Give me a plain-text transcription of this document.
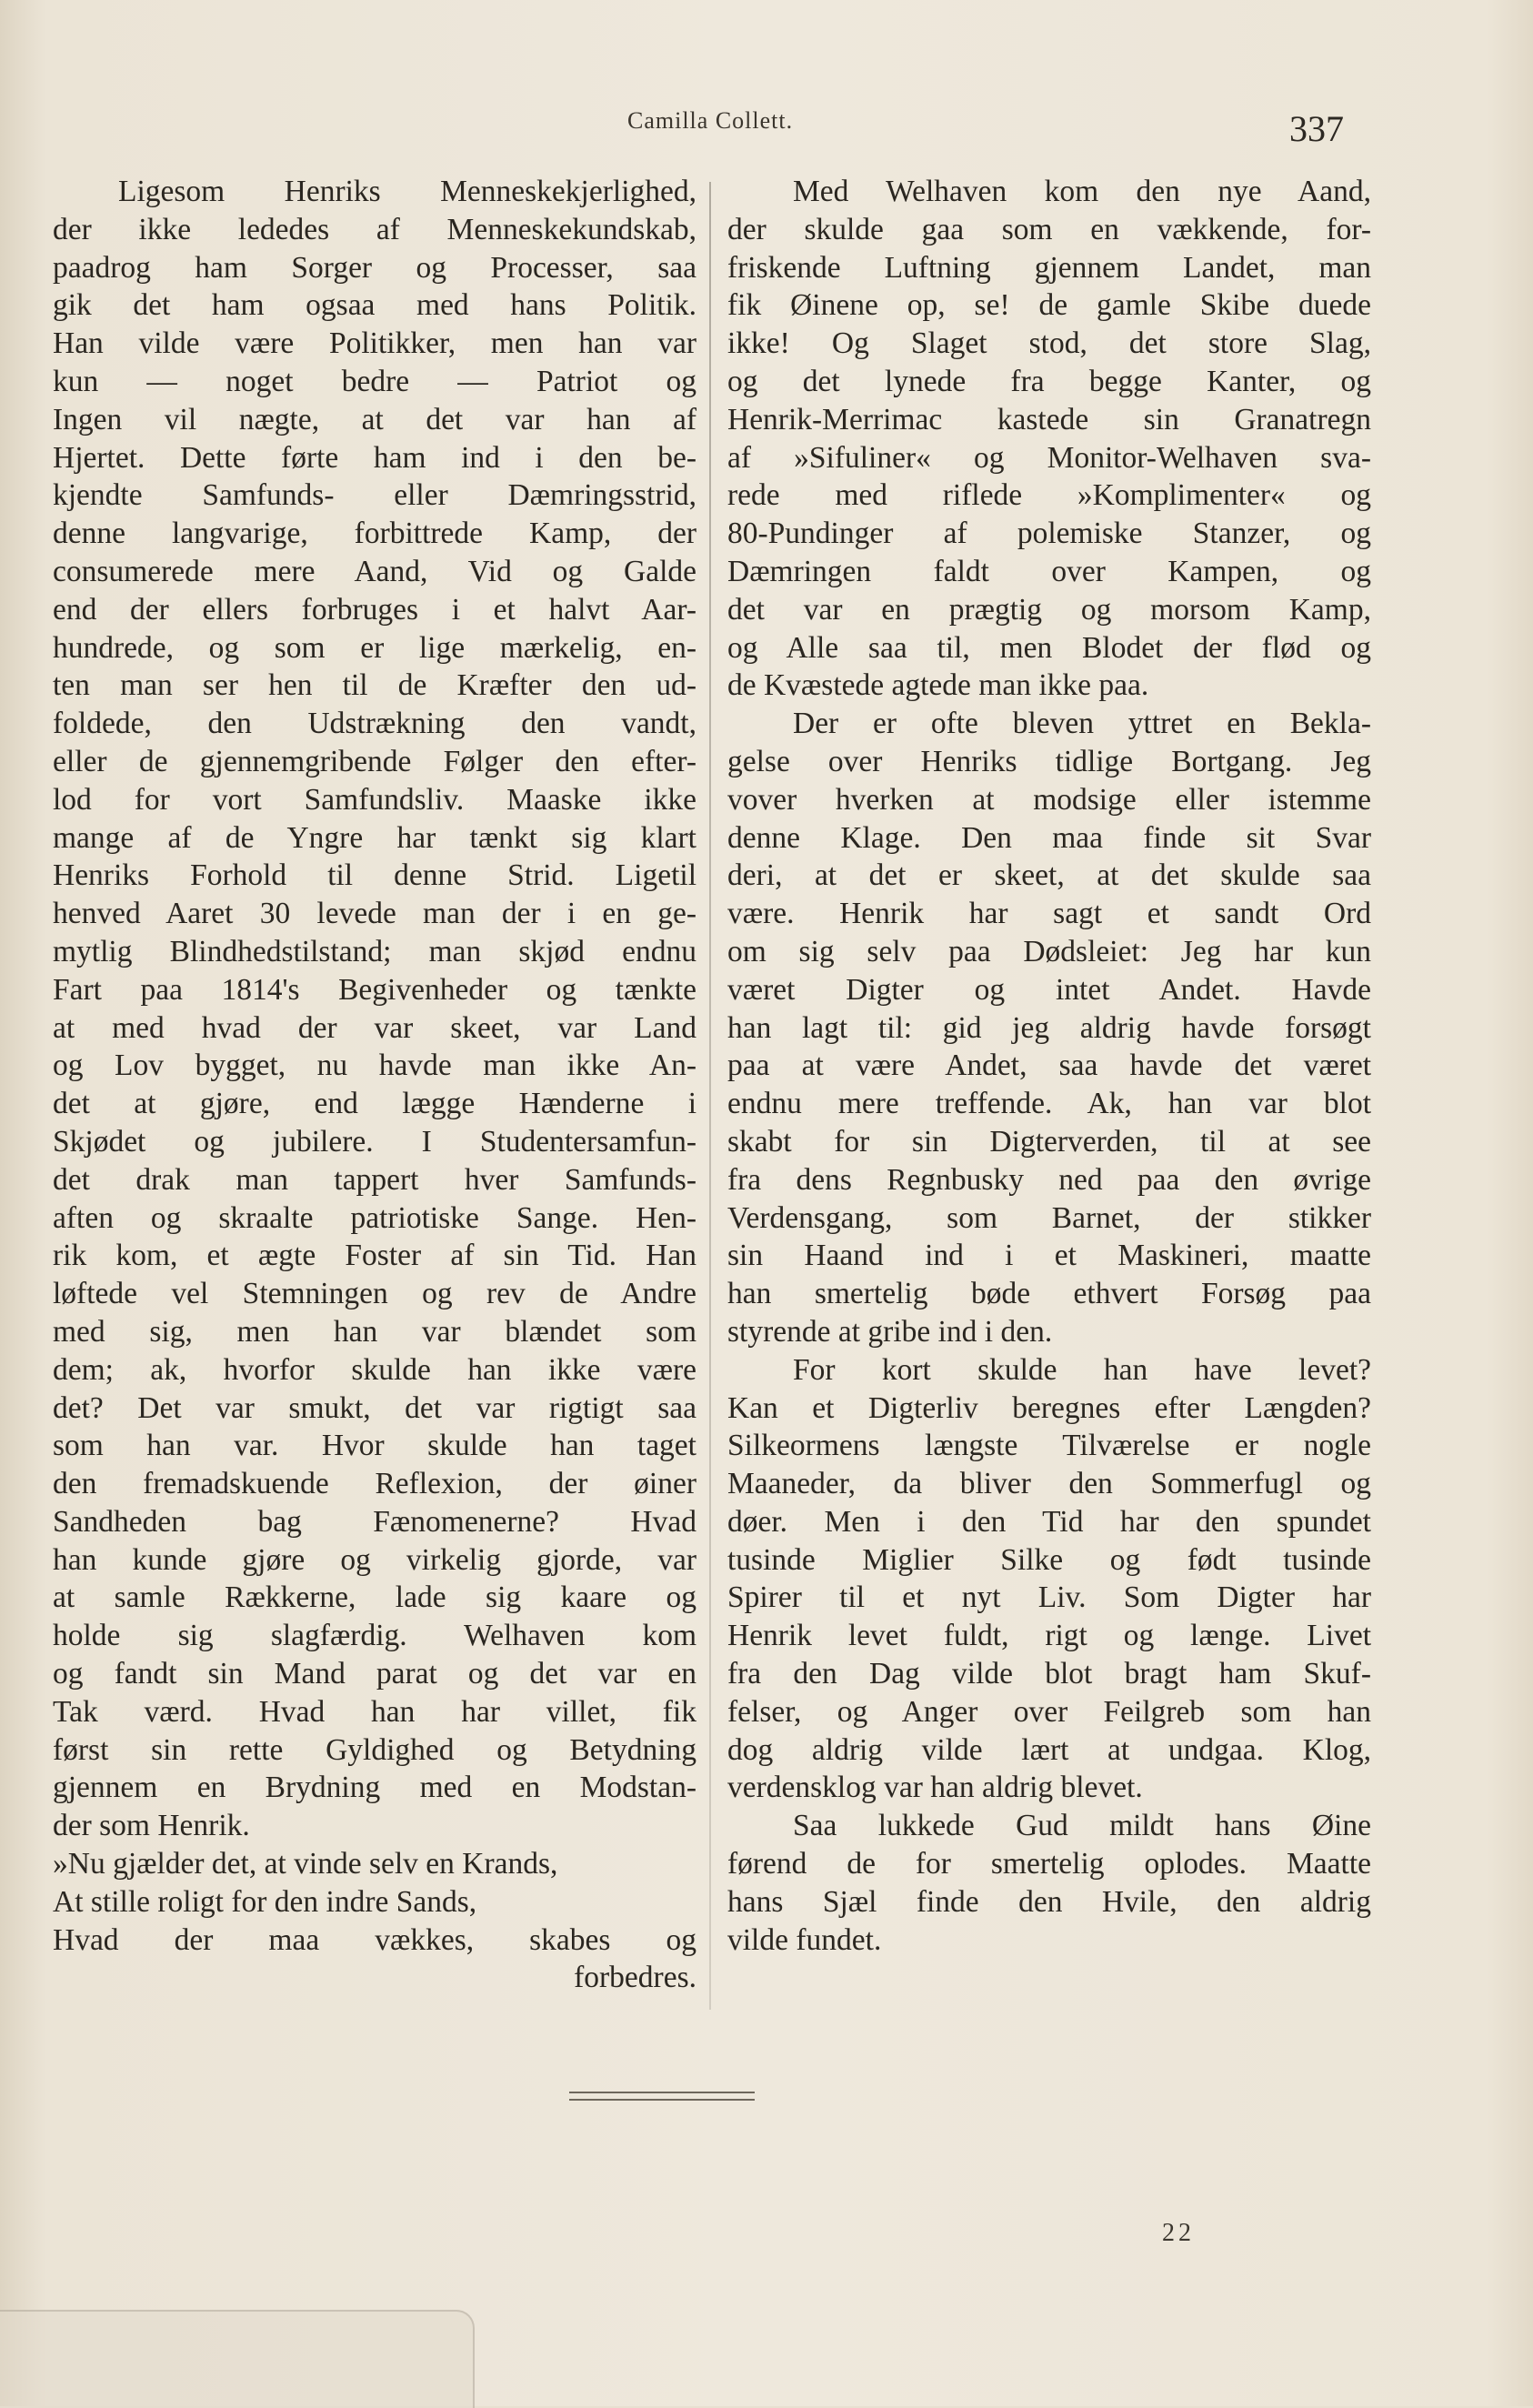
Camilla Collett.	337
Ligesom Henriks Menneskekjerlighed,
der ikke lededes af Menneskekundskab,
paadrog ham Sorger og Processer, saa
gik det ham ogsaa med hans Politik.
Han vilde være Politikker, men han var
kun — noget bedre — Patriot og
Ingen vil nægte, at det var han af
Hjertet. Dette førte ham ind i den be-
kjendte Samfunds- eller Dæmringsstrid,
denne langvarige, forbittrede Kamp, der
consumerede mere Aand, Vid og Galde
end der ellers forbruges i et halvt Aar-
hundrede, og som er lige mærkelig, en-
ten man ser hen til de Kræfter den ud-
foldede, den Udstrækning den vandt,
eller de gjennemgribende Følger den efter-
lod for vort Samfundsliv. Maaske ikke
mange af de Yngre har tænkt sig klart
Henriks Forhold til denne Strid. Ligetil
henved Aaret 30 levede man der i en ge-
mytlig Blindhedstilstand; man skjød endnu
Fart paa 1814's Begivenheder og tænkte
at med hvad der var skeet, var Land
og Lov bygget, nu havde man ikke An-
det at gjøre, end lægge Hænderne i
Skjødet og jubilere. I Studentersamfun-
det drak man tappert hver Samfunds-
aften og skraalte patriotiske Sange. Hen-
rik kom, et ægte Foster af sin Tid. Han
løftede vel Stemningen og rev de Andre
med sig, men han var blændet som
dem; ak, hvorfor skulde han ikke være
det? Det var smukt, det var rigtigt saa
som han var. Hvor skulde han taget
den fremadskuende Reflexion, der øiner
Sandheden bag Fænomenerne? Hvad
han kunde gjøre og virkelig gjorde, var
at samle Rækkerne, lade sig kaare og
holde sig slagfærdig. Welhaven kom
og fandt sin Mand parat og det var en
Tak værd. Hvad han har villet, fik
først sin rette Gyldighed og Betydning
gjennem en Brydning med en Modstan-
der som Henrik.
»Nu gjælder det, at vinde selv en Krands,
At stille roligt for den indre Sands,
Hvad der maa vækkes, skabes og
forbedres.
Med Welhaven kom den nye Aand,
der skulde gaa som en vækkende, for-
friskende Luftning gjennem Landet, man
fik Øinene op, se! de gamle Skibe duede
ikke! Og Slaget stod, det store Slag,
og det lynede fra begge Kanter, og
Henrik-Merrimac kastede sin Granatregn
af »Sifuliner« og Monitor-Welhaven sva-
rede med riflede »Komplimenter« og
80-Pundinger af polemiske Stanzer, og
Dæmringen faldt over Kampen, og
det var en prægtig og morsom Kamp,
og Alle saa til, men Blodet der flød og
de Kvæstede agtede man ikke paa.
Der er ofte bleven yttret en Bekla-
gelse over Henriks tidlige Bortgang. Jeg
vover hverken at modsige eller istemme
denne Klage. Den maa finde sit Svar
deri, at det er skeet, at det skulde saa
være. Henrik har sagt et sandt Ord
om sig selv paa Dødsleiet: Jeg har kun
været Digter og intet Andet. Havde
han lagt til: gid jeg aldrig havde forsøgt
paa at være Andet, saa havde det været
endnu mere treffende. Ak, han var blot
skabt for sin Digterverden, til at see
fra dens Regnbusky ned paa den øvrige
Verdensgang, som Barnet, der stikker
sin Haand ind i et Maskineri, maatte
han smertelig bøde ethvert Forsøg paa
styrende at gribe ind i den.
For kort skulde han have levet?
Kan et Digterliv beregnes efter Længden?
Silkeormens længste Tilværelse er nogle
Maaneder, da bliver den Sommerfugl og
døer. Men i den Tid har den spundet
tusinde Miglier Silke og født tusinde
Spirer til et nyt Liv. Som Digter har
Henrik levet fuldt, rigt og længe. Livet
fra den Dag vilde blot bragt ham Skuf-
felser, og Anger over Feilgreb som han
dog aldrig vilde lært at undgaa. Klog,
verdensklog var han aldrig blevet.
Saa lukkede Gud mildt hans Øine
førend de for smertelig oplodes. Maatte
hans Sjæl finde den Hvile, den aldrig
vilde fundet.
22
